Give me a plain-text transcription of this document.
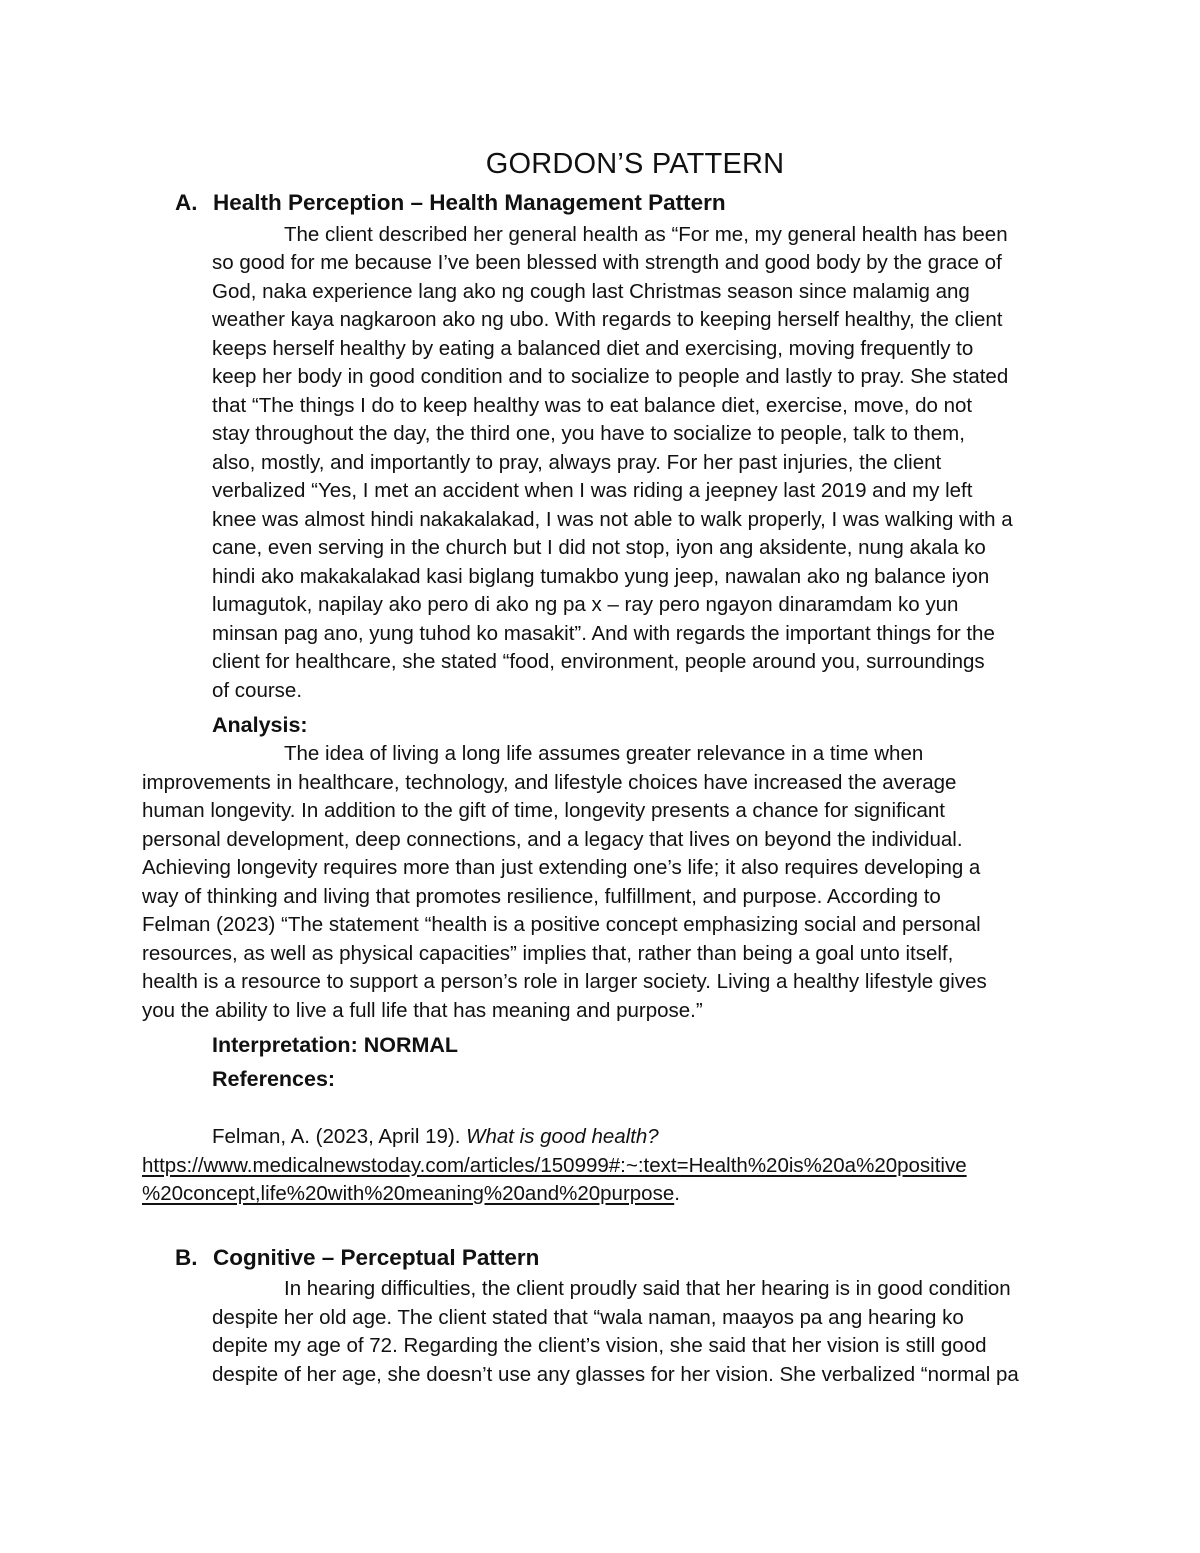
GORDON’S PATTERN
A. Health Perception – Health Management Pattern
The client described her general health as “For me, my general health has been
so good for me because I’ve been blessed with strength and good body by the grace of
God, naka experience lang ako ng cough last Christmas season since malamig ang
weather kaya nagkaroon ako ng ubo. With regards to keeping herself healthy, the client
keeps herself healthy by eating a balanced diet and exercising, moving frequently to
keep her body in good condition and to socialize to people and lastly to pray. She stated
that “The things I do to keep healthy was to eat balance diet, exercise, move, do not
stay throughout the day, the third one, you have to socialize to people, talk to them,
also, mostly, and importantly to pray, always pray. For her past injuries, the client
verbalized “Yes, I met an accident when I was riding a jeepney last 2019 and my left
knee was almost hindi nakakalakad, I was not able to walk properly, I was walking with a
cane, even serving in the church but I did not stop, iyon ang aksidente, nung akala ko
hindi ako makakalakad kasi biglang tumakbo yung jeep, nawalan ako ng balance iyon
lumagutok, napilay ako pero di ako ng pa x – ray pero ngayon dinaramdam ko yun
minsan pag ano, yung tuhod ko masakit”. And with regards the important things for the
client for healthcare, she stated “food, environment, people around you, surroundings
of course.
Analysis:
The idea of living a long life assumes greater relevance in a time when
improvements in healthcare, technology, and lifestyle choices have increased the average
human longevity. In addition to the gift of time, longevity presents a chance for significant
personal development, deep connections, and a legacy that lives on beyond the individual.
Achieving longevity requires more than just extending one’s life; it also requires developing a
way of thinking and living that promotes resilience, fulfillment, and purpose. According to
Felman (2023) “The statement “health is a positive concept emphasizing social and personal
resources, as well as physical capacities” implies that, rather than being a goal unto itself,
health is a resource to support a person’s role in larger society. Living a healthy lifestyle gives
you the ability to live a full life that has meaning and purpose.”
Interpretation: NORMAL
References:
Felman, A. (2023, April 19). What is good health?
https://www.medicalnewstoday.com/articles/150999#:~:text=Health%20is%20a%20positive
%20concept,life%20with%20meaning%20and%20purpose.
B. Cognitive – Perceptual Pattern
In hearing difficulties, the client proudly said that her hearing is in good condition
despite her old age. The client stated that “wala naman, maayos pa ang hearing ko
depite my age of 72. Regarding the client’s vision, she said that her vision is still good
despite of her age, she doesn’t use any glasses for her vision. She verbalized “normal pa
